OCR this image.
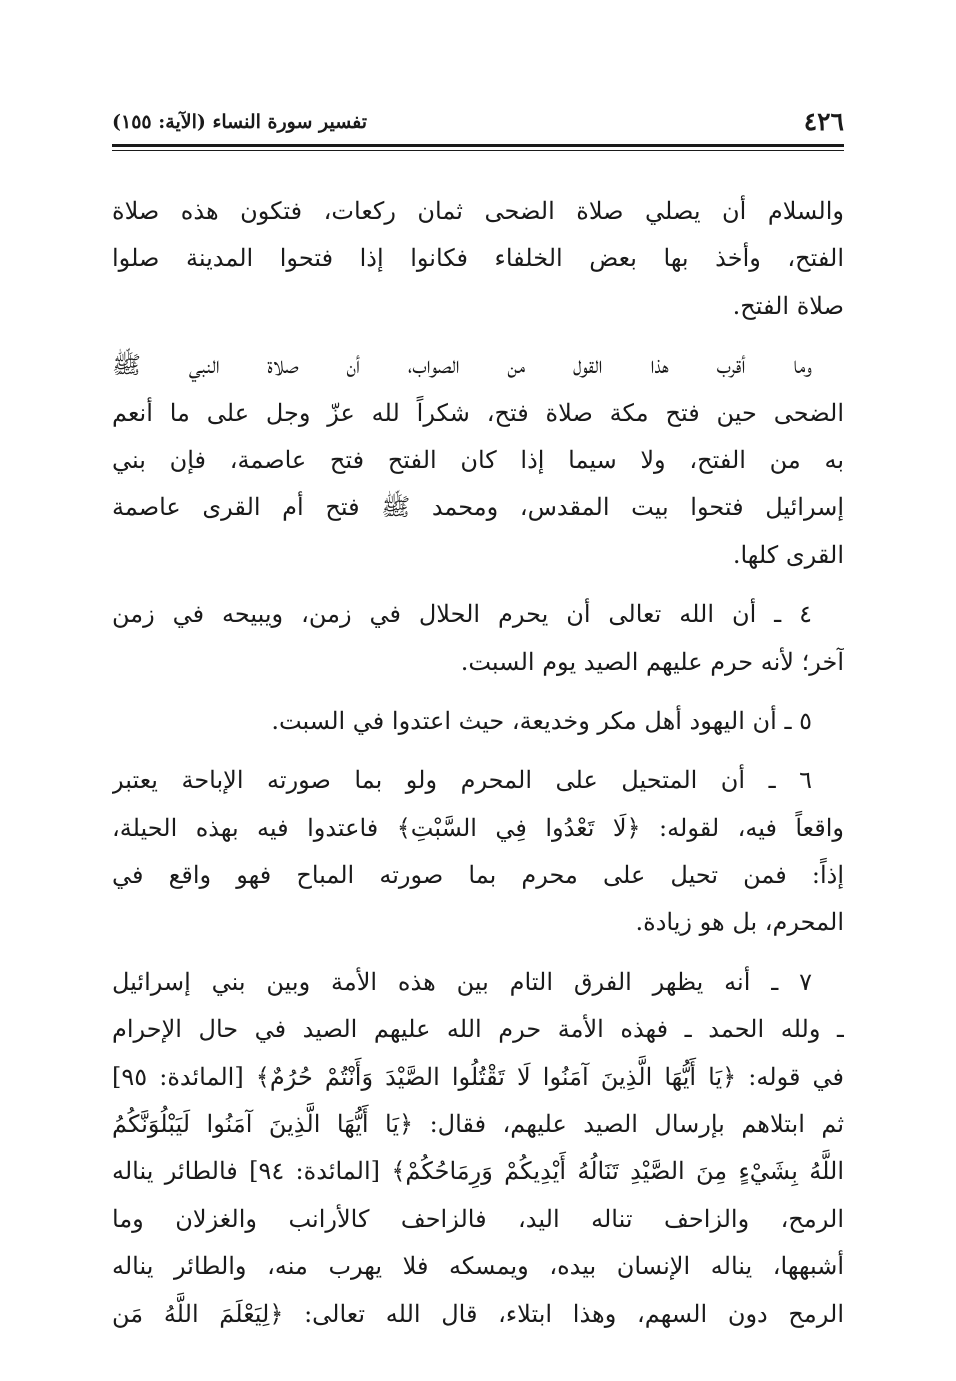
٤٢٦
تفسير سورة النساء (الآية: ١٥٥)
والسلام أن يصلي صلاة الضحى ثمان ركعات، فتكون هذه صلاة
الفتح، وأخذ بها بعض الخلفاء فكانوا إذا فتحوا المدينة صلوا
صلاة الفتح.
وما أقرب هذا القول من الصواب، أن صلاة النبي ﷺ
الضحى حين فتح مكة صلاة فتح، شكراً لله عزّ وجل على ما أنعم
به من الفتح، ولا سيما إذا كان الفتح فتح عاصمة، فإن بني
إسرائيل فتحوا بيت المقدس، ومحمد ﷺ فتح أم القرى عاصمة
القرى كلها.
٤ ـ أن الله تعالى أن يحرم الحلال في زمن، ويبيحه في زمن
آخر؛ لأنه حرم عليهم الصيد يوم السبت.
٥ ـ أن اليهود أهل مكر وخديعة، حيث اعتدوا في السبت.
٦ ـ أن المتحيل على المحرم ولو بما صورته الإباحة يعتبر
واقعاً فيه، لقوله: ﴿لَا تَعْدُوا فِي السَّبْتِ﴾ فاعتدوا فيه بهذه الحيلة،
إذاً: فمن تحيل على محرم بما صورته المباح فهو واقع في
المحرم، بل هو زيادة.
٧ ـ أنه يظهر الفرق التام بين هذه الأمة وبين بني إسرائيل
ـ ولله الحمد ـ فهذه الأمة حرم الله عليهم الصيد في حال الإحرام
في قوله: ﴿يَا أَيُّهَا الَّذِينَ آمَنُوا لَا تَقْتُلُوا الصَّيْدَ وَأَنْتُمْ حُرُمٌ﴾ [المائدة: ٩٥]
ثم ابتلاهم بإرسال الصيد عليهم، فقال: ﴿يَا أَيُّهَا الَّذِينَ آمَنُوا لَيَبْلُوَنَّكُمُ
اللَّهُ بِشَيْءٍ مِنَ الصَّيْدِ تَنَالُهُ أَيْدِيكُمْ وَرِمَاحُكُمْ﴾ [المائدة: ٩٤] فالطائر يناله
الرمح، والزاحف تناله اليد، فالزاحف كالأرانب والغزلان وما
أشبهها، يناله الإنسان بيده، ويمسكه فلا يهرب منه، والطائر يناله
الرمح دون السهم، وهذا ابتلاء، قال الله تعالى: ﴿لِيَعْلَمَ اللَّهُ مَن
